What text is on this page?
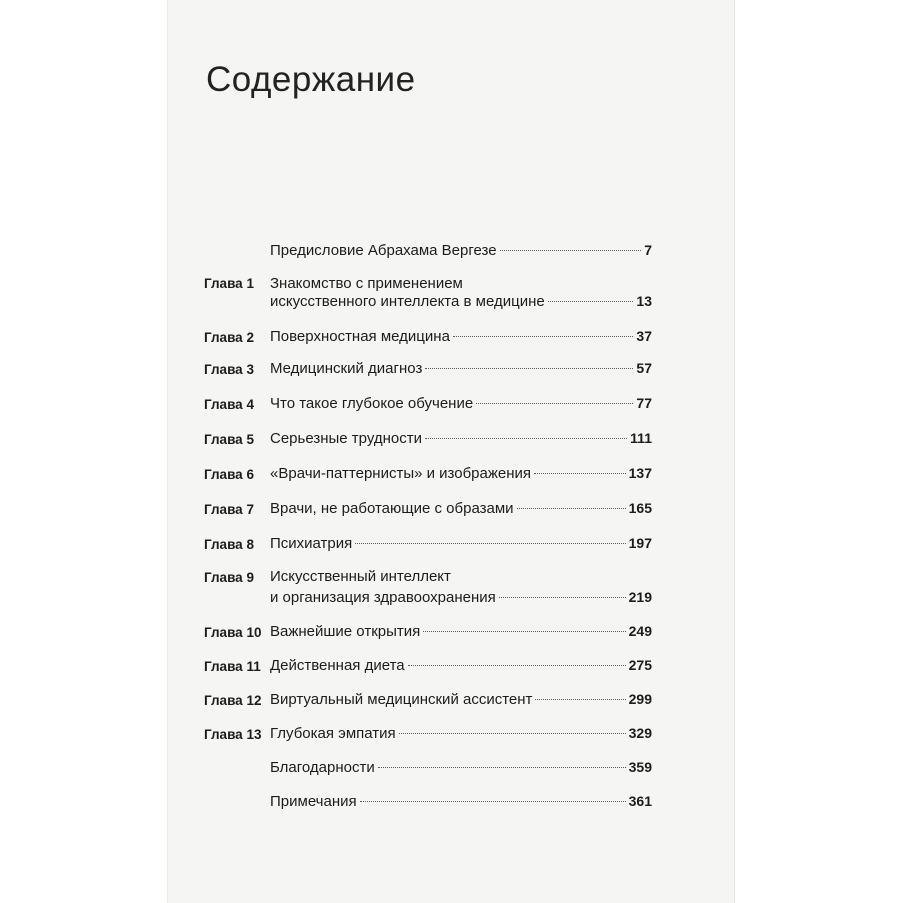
Содержание
Предисловие Абрахама Вергезе	7
Глава 1 Знакомство с применением
искусственного интеллекта в медицине	13
Глава 2 Поверхностная медицина	37
Глава 3 Медицинский диагноз	57
Глава 4 Что такое глубокое обучение	77
Глава 5 Серьезные трудности	111
Глава 6 «Врачи-паттернисты» и изображения	137
Глава 7 Врачи, не работающие с образами	165
Глава 8 Психиатрия	197
Глава 9 Искусственный интеллект
и организация здравоохранения	219
Глава 10 Важнейшие открытия	249
Глава 11 Действенная диета	275
Глава 12 Виртуальный медицинский ассистент	299
Глава 13 Глубокая эмпатия	329
Благодарности	359
Примечания	361
